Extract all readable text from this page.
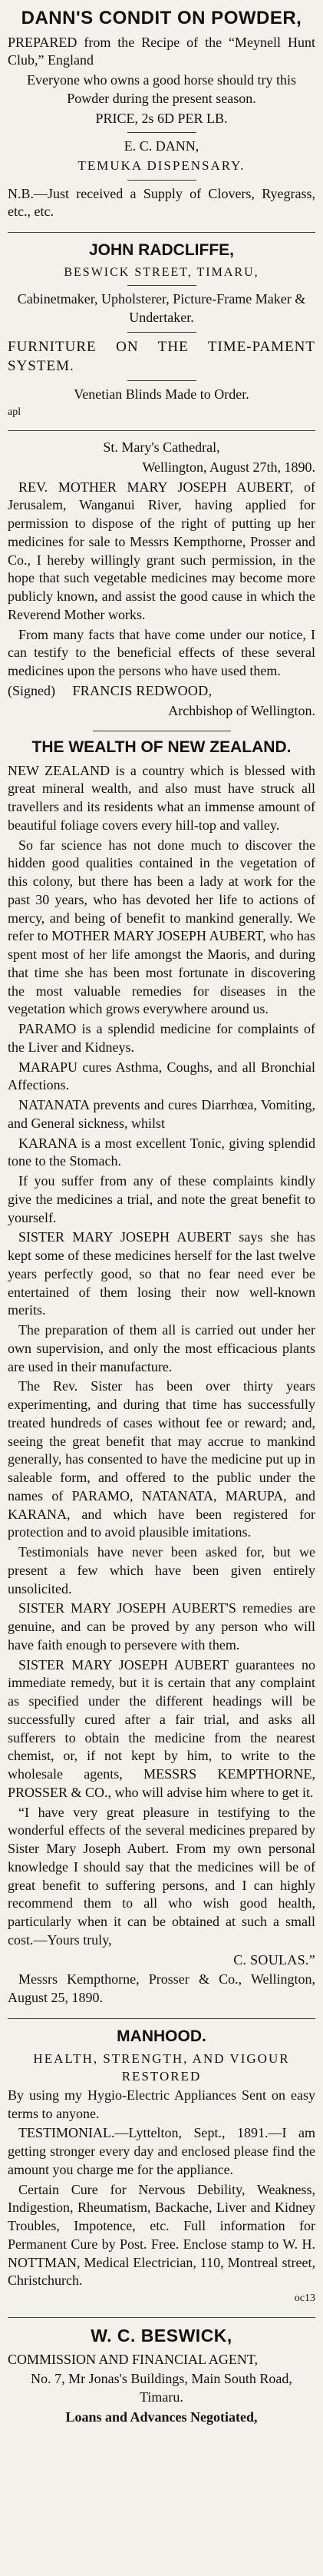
DANN'S CONDIT ON POWDER,

PREPARED from the Recipe of the “Meynell Hunt Club,” England

Everyone who owns a good horse should try this Powder during the present season.

PRICE, 2s 6D PER LB.

E. C. DANN,

TEMUKA DISPENSARY.

N.B.—Just received a Supply of Clovers, Ryegrass, etc., etc.

JOHN RADCLIFFE,

BESWICK STREET, TIMARU,

Cabinetmaker, Upholsterer, Picture-Frame Maker & Undertaker.

FURNITURE ON THE TIME-PAMENT SYSTEM.

Venetian Blinds Made to Order.

apl

St. Mary's Cathedral,

Wellington, August 27th, 1890.

REV. MOTHER MARY JOSEPH AUBERT, of Jerusalem, Wanganui River, having applied for permission to dispose of the right of putting up her medicines for sale to Messrs Kempthorne, Prosser and Co., I hereby willingly grant such permission, in the hope that such vegetable medicines may become more publicly known, and assist the good cause in which the Reverend Mother works.

From many facts that have come under our notice, I can testify to the beneficial effects of these several medicines upon the persons who have used them.

(Signed) FRANCIS REDWOOD,

Archbishop of Wellington.

THE WEALTH OF NEW ZEALAND.

NEW ZEALAND is a country which is blessed with great mineral wealth, and also must have struck all travellers and its residents what an immense amount of beautiful foliage covers every hill-top and valley.

So far science has not done much to discover the hidden good qualities contained in the vegetation of this colony, but there has been a lady at work for the past 30 years, who has devoted her life to actions of mercy, and being of benefit to mankind generally. We refer to MOTHER MARY JOSEPH AUBERT, who has spent most of her life amongst the Maoris, and during that time she has been most fortunate in discovering the most valuable remedies for diseases in the vegetation which grows everywhere around us.

PARAMO is a splendid medicine for complaints of the Liver and Kidneys.

MARAPU cures Asthma, Coughs, and all Bronchial Affections.

NATANATA prevents and cures Diarrhœa, Vomiting, and General sickness, whilst

KARANA is a most excellent Tonic, giving splendid tone to the Stomach.

If you suffer from any of these complaints kindly give the medicines a trial, and note the great benefit to yourself.

SISTER MARY JOSEPH AUBERT says she has kept some of these medicines herself for the last twelve years perfectly good, so that no fear need ever be entertained of them losing their now well-known merits.

The preparation of them all is carried out under her own supervision, and only the most efficacious plants are used in their manufacture.

The Rev. Sister has been over thirty years experimenting, and during that time has successfully treated hundreds of cases without fee or reward; and, seeing the great benefit that may accrue to mankind generally, has consented to have the medicine put up in saleable form, and offered to the public under the names of PARAMO, NATANATA, MARUPA, and KARANA, and which have been registered for protection and to avoid plausible imitations.

Testimonials have never been asked for, but we present a few which have been given entirely unsolicited.

SISTER MARY JOSEPH AUBERT'S remedies are genuine, and can be proved by any person who will have faith enough to persevere with them.

SISTER MARY JOSEPH AUBERT guarantees no immediate remedy, but it is certain that any complaint as specified under the different headings will be successfully cured after a fair trial, and asks all sufferers to obtain the medicine from the nearest chemist, or, if not kept by him, to write to the wholesale agents, MESSRS KEMPTHORNE, PROSSER & CO., who will advise him where to get it.

“I have very great pleasure in testifying to the wonderful effects of the several medicines prepared by Sister Mary Joseph Aubert. From my own personal knowledge I should say that the medicines will be of great benefit to suffering persons, and I can highly recommend them to all who wish good health, particularly when it can be obtained at such a small cost.—Yours truly,

C. SOULAS.”

Messrs Kempthorne, Prosser & Co., Wellington, August 25, 1890.

MANHOOD.

HEALTH, STRENGTH, AND VIGOUR RESTORED

By using my Hygio-Electric Appliances Sent on easy terms to anyone.

TESTIMONIAL.—Lyttelton, Sept., 1891.—I am getting stronger every day and enclosed please find the amount you charge me for the appliance.

Certain Cure for Nervous Debility, Weakness, Indigestion, Rheumatism, Backache, Liver and Kidney Troubles, Impotence, etc. Full information for Permanent Cure by Post. Free. Enclose stamp to W. H. NOTTMAN, Medical Electrician, 110, Montreal street, Christchurch.

oc13

W. C. BESWICK,

COMMISSION AND FINANCIAL AGENT,

No. 7, Mr Jonas's Buildings, Main South Road, Timaru.

Loans and Advances Negotiated,
